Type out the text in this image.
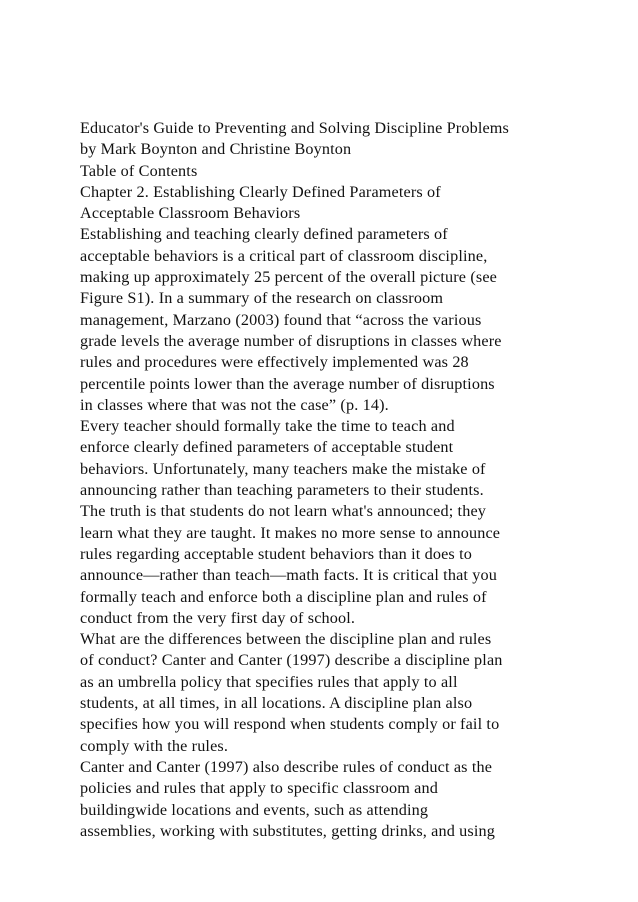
Educator's Guide to Preventing and Solving Discipline Problems
by Mark Boynton and Christine Boynton
Table of Contents
Chapter 2. Establishing Clearly Defined Parameters of
Acceptable Classroom Behaviors
Establishing and teaching clearly defined parameters of
acceptable behaviors is a critical part of classroom discipline,
making up approximately 25 percent of the overall picture (see
Figure S1). In a summary of the research on classroom
management, Marzano (2003) found that “across the various
grade levels the average number of disruptions in classes where
rules and procedures were effectively implemented was 28
percentile points lower than the average number of disruptions
in classes where that was not the case” (p. 14).
Every teacher should formally take the time to teach and
enforce clearly defined parameters of acceptable student
behaviors. Unfortunately, many teachers make the mistake of
announcing rather than teaching parameters to their students.
The truth is that students do not learn what's announced; they
learn what they are taught. It makes no more sense to announce
rules regarding acceptable student behaviors than it does to
announce—rather than teach—math facts. It is critical that you
formally teach and enforce both a discipline plan and rules of
conduct from the very first day of school.
What are the differences between the discipline plan and rules
of conduct? Canter and Canter (1997) describe a discipline plan
as an umbrella policy that specifies rules that apply to all
students, at all times, in all locations. A discipline plan also
specifies how you will respond when students comply or fail to
comply with the rules.
Canter and Canter (1997) also describe rules of conduct as the
policies and rules that apply to specific classroom and
buildingwide locations and events, such as attending
assemblies, working with substitutes, getting drinks, and using
